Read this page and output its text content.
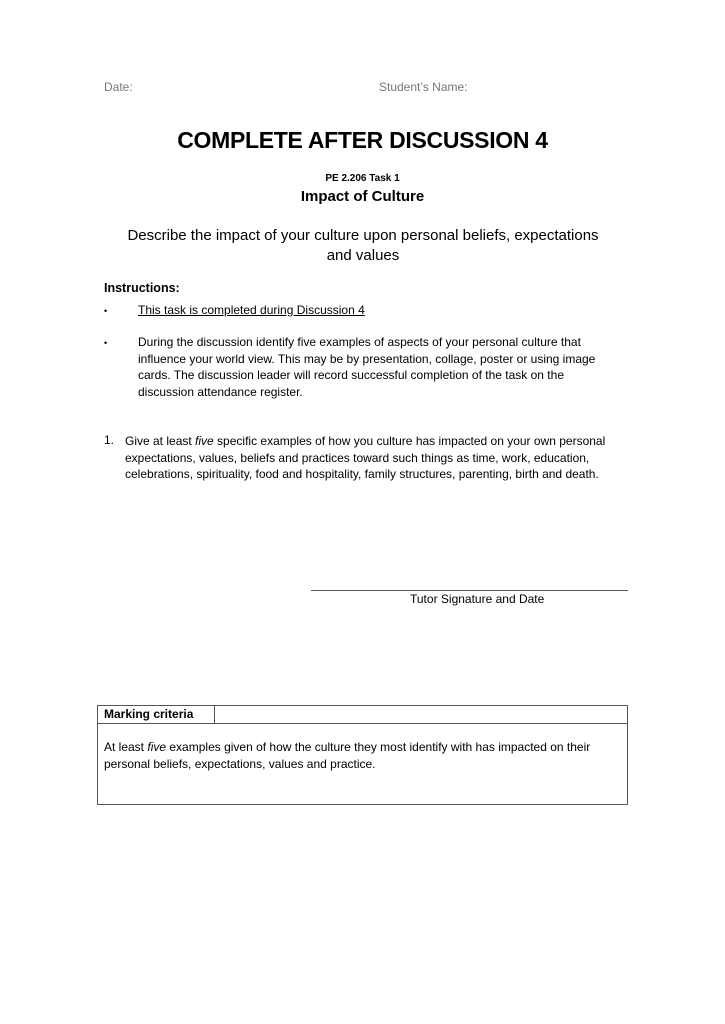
Date:	Student’s Name:
COMPLETE AFTER DISCUSSION 4
PE 2.206 Task 1
Impact of Culture
Describe the impact of your culture upon personal beliefs, expectations and values
Instructions:
•	This task is completed during Discussion 4
•	During the discussion identify five examples of aspects of your personal culture that influence your world view. This may be by presentation, collage, poster or using image cards. The discussion leader will record successful completion of the task on the discussion attendance register.
1. Give at least five specific examples of how you culture has impacted on your own personal expectations, values, beliefs and practices toward such things as time, work, education, celebrations, spirituality, food and hospitality, family structures, parenting, birth and death.
Tutor Signature and Date
Marking criteria
At least five examples given of how the culture they most identify with has impacted on their personal beliefs, expectations, values and practice.
